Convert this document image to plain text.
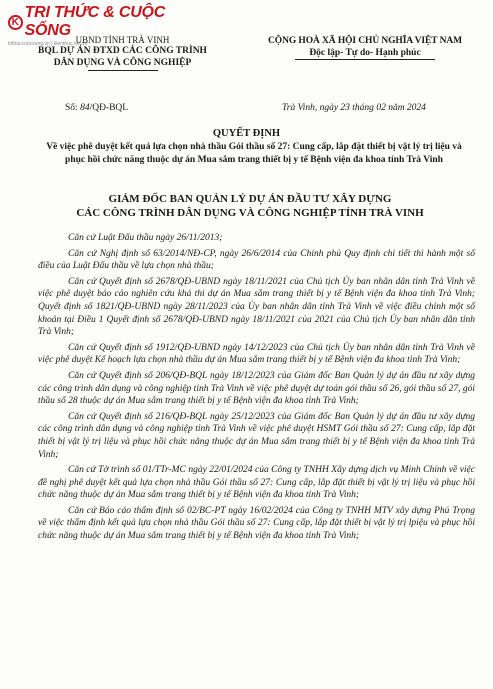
K
TRI THỨC & CUỘC SỐNG
trithuccuocsong.vn | kienthuc.net.vn
UBND TỈNH TRÀ VINH
BQL DỰ ÁN ĐTXD CÁC CÔNG TRÌNH
DÂN DỤNG VÀ CÔNG NGHIỆP
CỘNG HOÀ XÃ HỘI CHỦ NGHĨA VIỆT NAM
Độc lập- Tự do- Hạnh phúc
Số: 84/QĐ-BQL	Trà Vinh, ngày 23 tháng 02 năm 2024
QUYẾT ĐỊNH
Về việc phê duyệt kết quả lựa chọn nhà thầu Gói thầu số 27: Cung cấp, lắp đặt thiết bị vật lý trị liệu và phục hồi chức năng thuộc dự án Mua sắm trang thiết bị y tế Bệnh viện đa khoa tỉnh Trà Vinh
GIÁM ĐỐC BAN QUẢN LÝ DỰ ÁN ĐẦU TƯ XÂY DỰNG
CÁC CÔNG TRÌNH DÂN DỤNG VÀ CÔNG NGHIỆP TỈNH TRÀ VINH

Căn cứ Luật Đấu thầu ngày 26/11/2013;

Căn cứ Nghị định số 63/2014/NĐ-CP, ngày 26/6/2014 của Chính phủ Quy định chi tiết thi hành một số điều của Luật Đấu thầu về lựa chọn nhà thầu;

Căn cứ Quyết định số 2678/QĐ-UBND ngày 18/11/2021 của Chủ tịch Ủy ban nhân dân tỉnh Trà Vinh về việc phê duyệt báo cáo nghiên cứu khả thi dự án Mua sắm trang thiết bị y tế Bệnh viện đa khoa tỉnh Trà Vinh; Quyết định số 1821/QĐ-UBND ngày 28/11/2023 của Ủy ban nhân dân tỉnh Trà Vinh về việc điều chỉnh một số khoản tại Điều 1 Quyết định số 2678/QĐ-UBND ngày 18/11/2021 của 2021 của Chủ tịch Ủy ban nhân dân tỉnh Trà Vinh;

Căn cứ Quyết định số 1912/QĐ-UBND ngày 14/12/2023 của Chủ tịch Ủy ban nhân dân tỉnh Trà Vinh về việc phê duyệt Kế hoạch lựa chọn nhà thầu dự án Mua sắm trang thiết bị y tế Bệnh viện đa khoa tỉnh Trà Vinh;

Căn cứ Quyết định số 206/QĐ-BQL ngày 18/12/2023 của Giám đốc Ban Quản lý dự án đầu tư xây dựng các công trình dân dụng và công nghiệp tỉnh Trà Vinh về việc phê duyệt dự toán gói thầu số 26, gói thầu số 27, gói thầu số 28 thuộc dự án Mua sắm trang thiết bị y tế Bệnh viện đa khoa tỉnh Trà Vinh;

Căn cứ Quyết định số 216/QĐ-BQL ngày 25/12/2023 của Giám đốc Ban Quản lý dự án đầu tư xây dựng các công trình dân dụng và công nghiệp tỉnh Trà Vinh về việc phê duyệt HSMT Gói thầu số 27: Cung cấp, lắp đặt thiết bị vật lý trị liệu và phục hồi chức năng thuộc dự án Mua sắm trang thiết bị y tế Bệnh viện đa khoa tỉnh Trà Vinh;

Căn cứ Tờ trình số 01/TTr-MC ngày 22/01/2024 của Công ty TNHH Xây dựng dịch vụ Minh Chính về việc đề nghị phê duyệt kết quả lựa chọn nhà thầu Gói thầu số 27: Cung cấp, lắp đặt thiết bị vật lý trị liệu và phục hồi chức năng thuộc dự án Mua sắm trang thiết bị y tế Bệnh viện đa khoa tỉnh Trà Vinh;

Căn cứ Báo cáo thẩm định số 02/BC-PT ngày 16/02/2024 của Công ty TNHH MTV xây dựng Phú Trọng về việc thẩm định kết quả lựa chọn nhà thầu Gói thầu số 27: Cung cấp, lắp đặt thiết bị vật lý trị lpiệu và phục hồi chức năng thuộc dự án Mua sắm trang thiết bị y tế Bệnh viện đa khoa tỉnh Trà Vinh;
